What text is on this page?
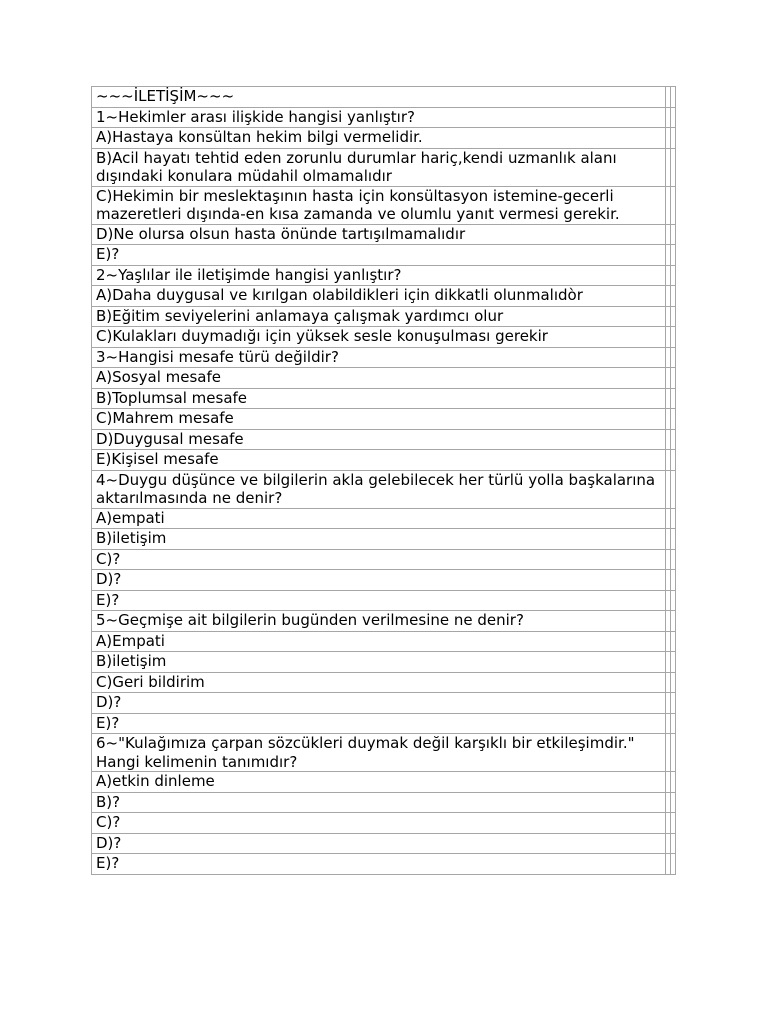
~~~İLETİŞİM~~~		
1~Hekimler arası ilişkide hangisi yanlıştır?		
A)Hastaya konsültan hekim bilgi vermelidir.		
B)Acil hayatı tehtid eden zorunlu durumlar hariç,kendi uzmanlık alanı dışındaki konulara müdahil olmamalıdır		
C)Hekimin bir meslektaşının hasta için konsültasyon istemine-gecerli mazeretleri dışında-en kısa zamanda ve olumlu yanıt vermesi gerekir.		
D)Ne olursa olsun hasta önünde tartışılmamalıdır		
E)?		
2~Yaşlılar ile iletişimde hangisi yanlıştır?		
A)Daha duygusal ve kırılgan olabildikleri için dikkatli olunmalıdòr		
B)Eğitim seviyelerini anlamaya çalışmak yardımcı olur		
C)Kulakları duymadığı için yüksek sesle konuşulması gerekir		
3~Hangisi mesafe türü değildir?		
A)Sosyal mesafe		
B)Toplumsal mesafe		
C)Mahrem mesafe		
D)Duygusal mesafe		
E)Kişisel mesafe		
4~Duygu düşünce ve bilgilerin akla gelebilecek her türlü yolla başkalarına aktarılmasında ne denir?		
A)empati		
B)iletişim		
C)?		
D)?		
E)?		
5~Geçmişe ait bilgilerin bugünden verilmesine ne denir?		
A)Empati		
B)iletişim		
C)Geri bildirim		
D)?		
E)?		
6~"Kulağımıza çarpan sözcükleri duymak değil karşıklı bir etkileşimdir." Hangi kelimenin tanımıdır?		
A)etkin dinleme		
B)?		
C)?		
D)?		
E)?		
